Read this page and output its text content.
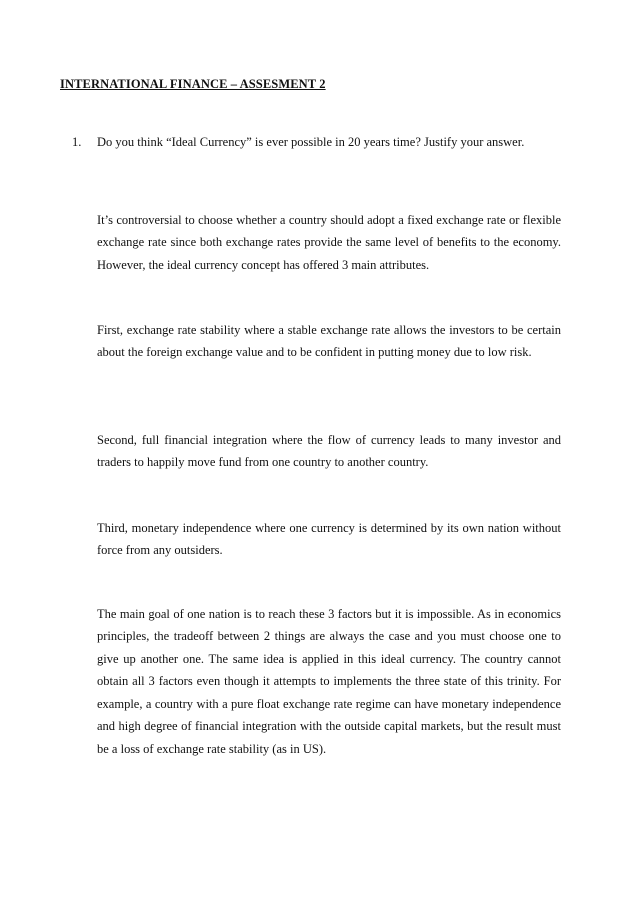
INTERNATIONAL FINANCE – ASSESMENT 2
1. Do you think “Ideal Currency” is ever possible in 20 years time? Justify your answer.

It’s controversial to choose whether a country should adopt a fixed exchange rate or flexible exchange rate since both exchange rates provide the same level of benefits to the economy. However, the ideal currency concept has offered 3 main attributes.

First, exchange rate stability where a stable exchange rate allows the investors to be certain about the foreign exchange value and to be confident in putting money due to low risk.

Second, full financial integration where the flow of currency leads to many investor and traders to happily move fund from one country to another country.

Third, monetary independence where one currency is determined by its own nation without force from any outsiders.

The main goal of one nation is to reach these 3 factors but it is impossible. As in economics principles, the tradeoff between 2 things are always the case and you must choose one to give up another one. The same idea is applied in this ideal currency. The country cannot obtain all 3 factors even though it attempts to implements the three state of this trinity. For example, a country with a pure float exchange rate regime can have monetary independence and high degree of financial integration with the outside capital markets, but the result must be a loss of exchange rate stability (as in US).
